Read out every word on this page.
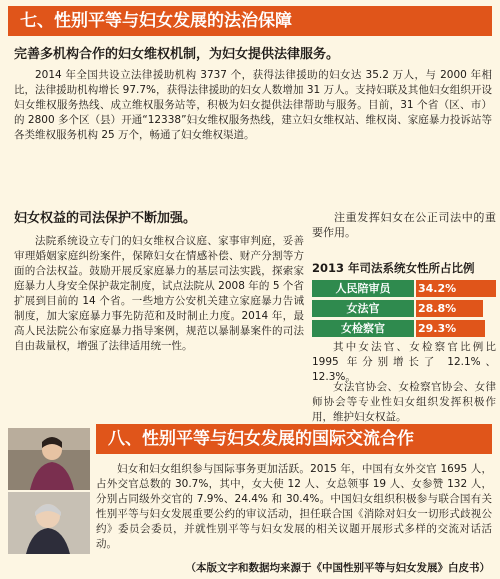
七、性别平等与妇女发展的法治保障
完善多机构合作的妇女维权机制，为妇女提供法律服务。

2014 年全国共设立法律援助机构 3737 个，获得法律援助的妇女达 35.2 万人，与 2000 年相比，法律援助机构增长 97.7%，获得法律援助的妇女人数增加 31 万人。支持妇联及其他妇女组织开设妇女维权服务热线、成立维权服务站等，积极为妇女提供法律帮助与服务。目前，31 个省（区、市）的 2800 多个区（县）开通“12338”妇女维权服务热线，建立妇女维权站、维权岗、家庭暴力投诉站等各类维权服务机构 25 万个，畅通了妇女维权渠道。

妇女权益的司法保护不断加强。

法院系统设立专门的妇女维权合议庭、家事审判庭，妥善审理婚姻家庭纠纷案件，保障妇女在情感补偿、财产分割等方面的合法权益。鼓励开展反家庭暴力的基层司法实践，探索家庭暴力人身安全保护裁定制度，试点法院从 2008 年的 5 个省扩展到目前的 14 个省。一些地方公安机关建立家庭暴力告诫制度，加大家庭暴力事先防范和及时制止力度。2014 年，最高人民法院公布家庭暴力指导案例，规范以暴制暴案件的司法自由裁量权，增强了法律适用统一性。

注重发挥妇女在公正司法中的重要作用。

2013 年司法系统女性所占比例
人民陪审员	34.2%
女法官	28.8%
女检察官	29.3%

其中女法官、女检察官比例比 1995 年分别增长了 12.1%、12.3%。

女法官协会、女检察官协会、女律师协会等专业性妇女组织发挥积极作用，维护妇女权益。

八、性别平等与妇女发展的国际交流合作

妇女和妇女组织参与国际事务更加活跃。2015 年，中国有女外交官 1695 人，占外交官总数的 30.7%，其中，女大使 12 人、女总领事 19 人、女参赞 132 人，分别占同级外交官的 7.9%、24.4% 和 30.4%。中国妇女组织积极参与联合国有关性别平等与妇女发展重要公约的审议活动，担任联合国《消除对妇女一切形式歧视公约》委员会委员，并就性别平等与妇女发展的相关议题开展形式多样的交流对话活动。

（本版文字和数据均来源于《中国性别平等与妇女发展》白皮书）
